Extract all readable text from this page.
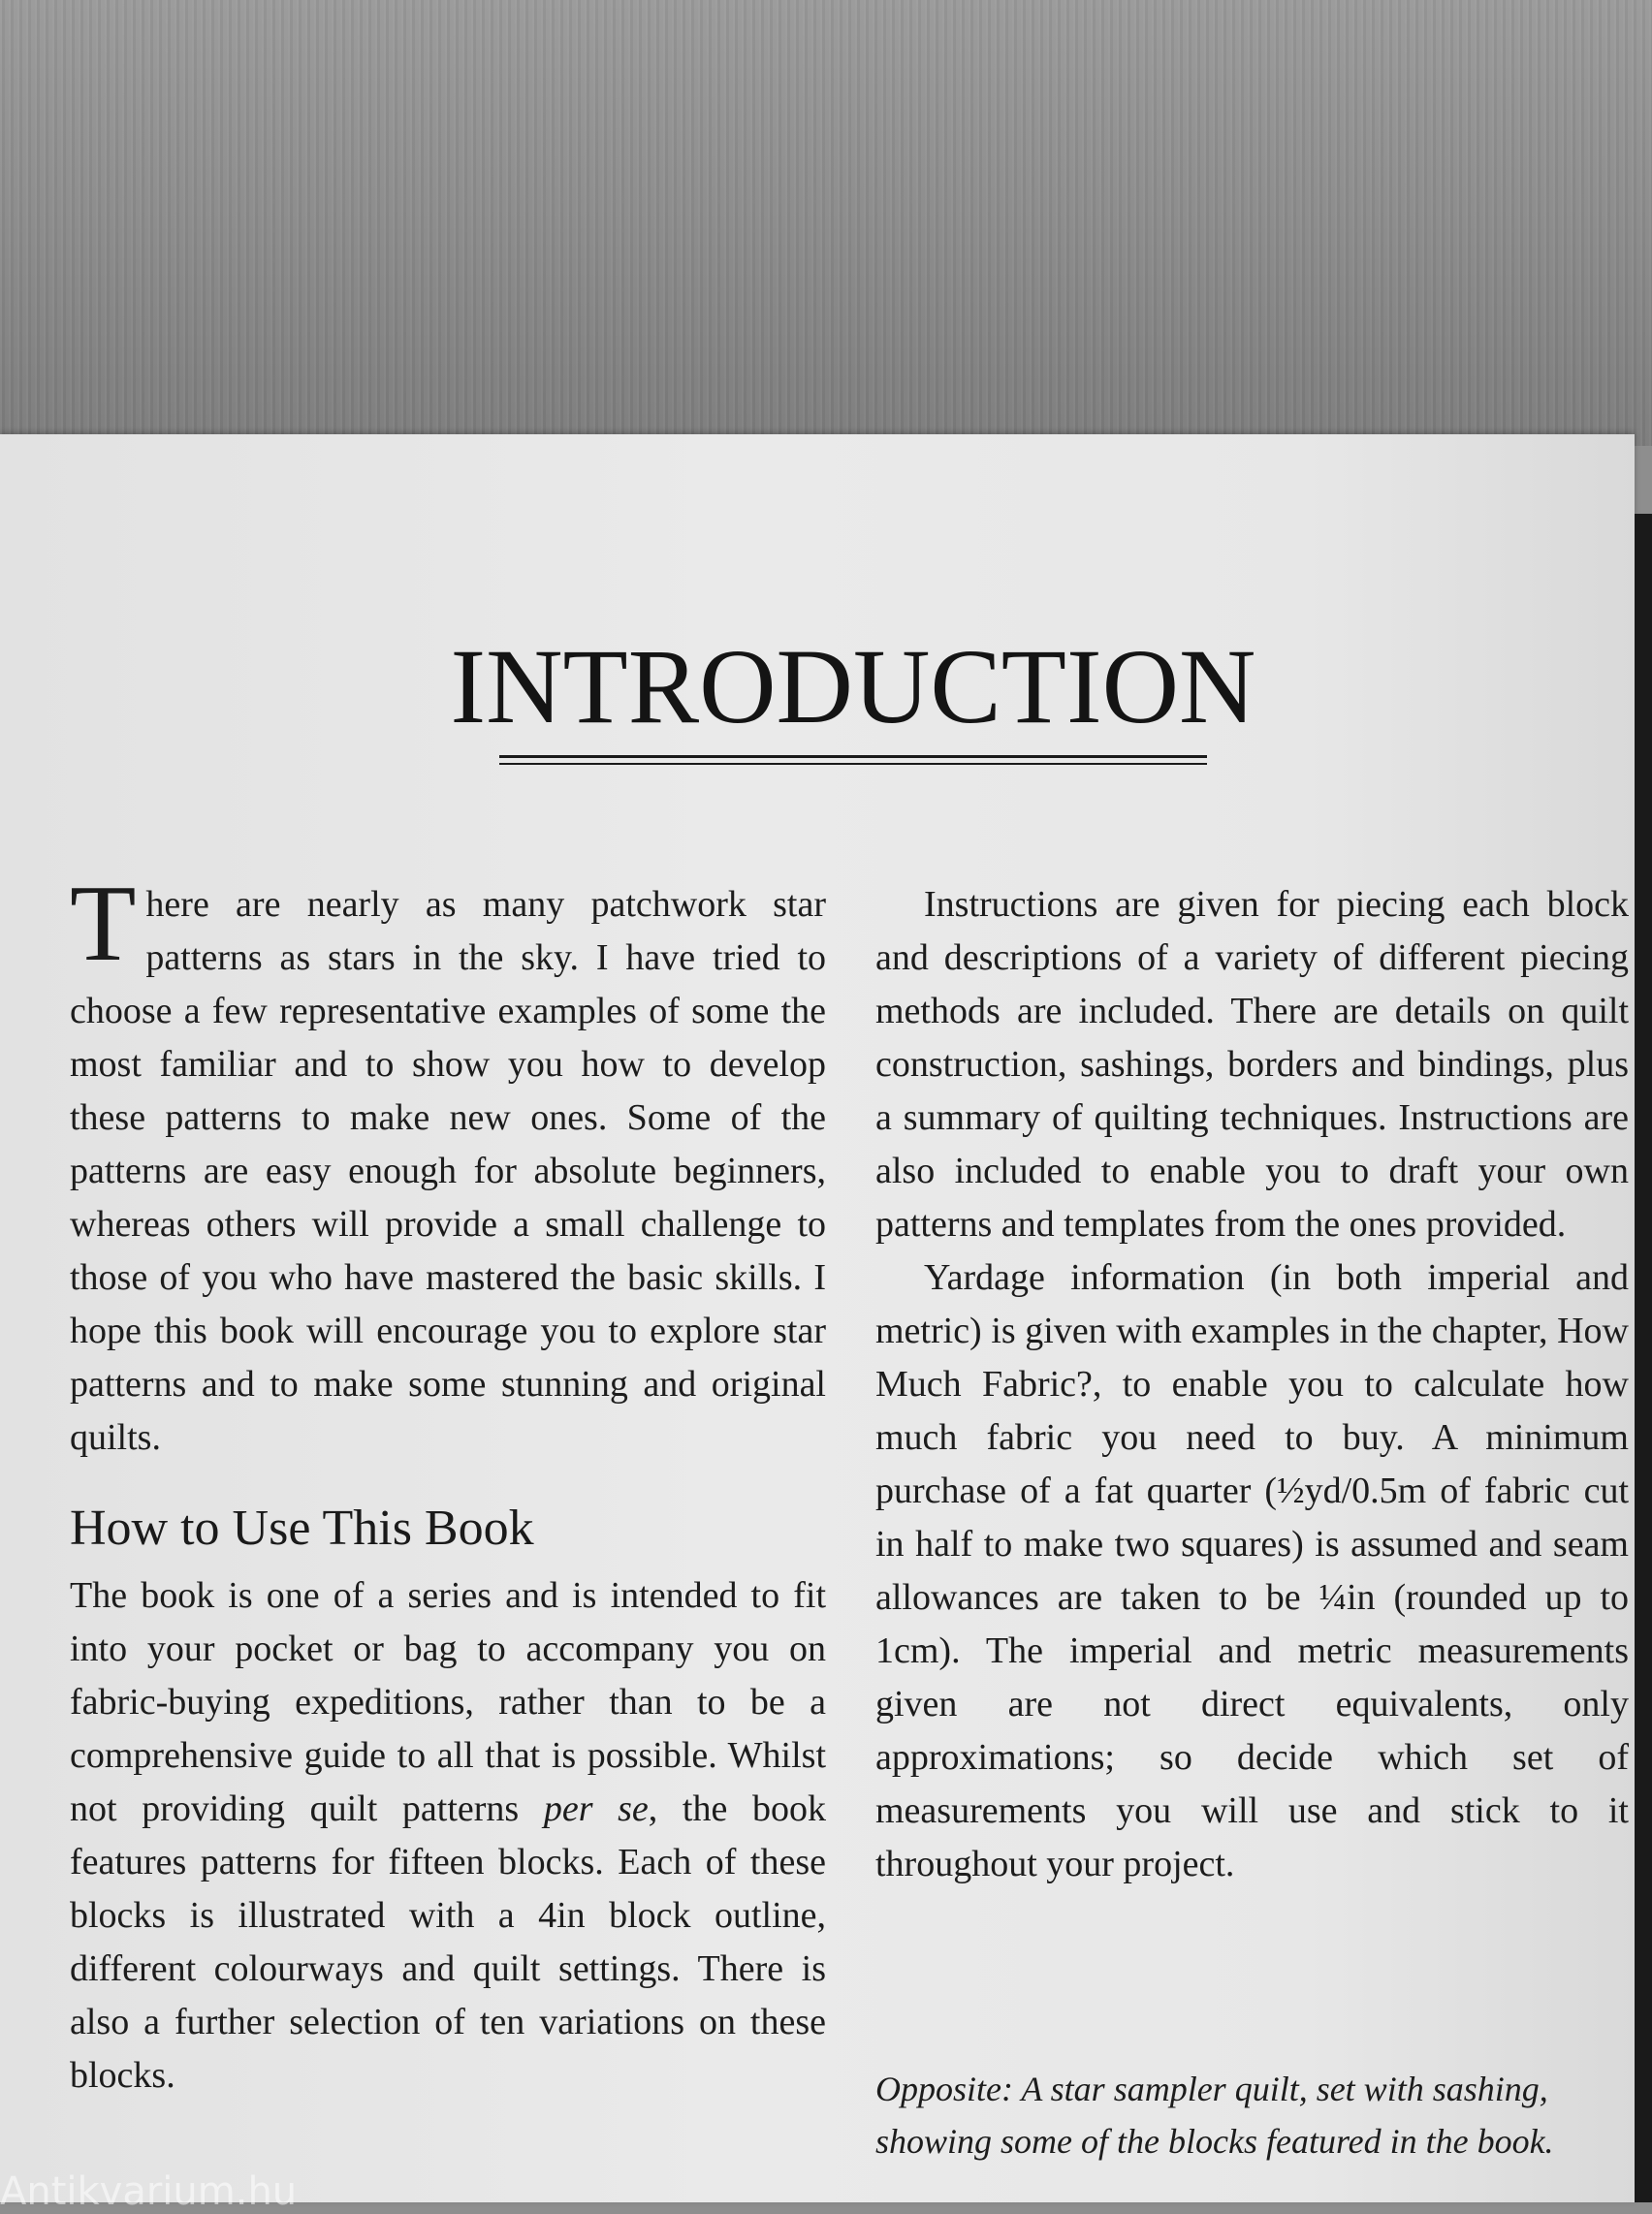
INTRODUCTION

There are nearly as many patchwork star patterns as stars in the sky. I have tried to choose a few representative examples of some the most familiar and to show you how to develop these patterns to make new ones. Some of the patterns are easy enough for absolute beginners, whereas others will provide a small challenge to those of you who have mastered the basic skills. I hope this book will encourage you to explore star patterns and to make some stunning and original quilts.

How to Use This Book

The book is one of a series and is intended to fit into your pocket or bag to accompany you on fabric-buying expeditions, rather than to be a comprehensive guide to all that is possible. Whilst not providing quilt patterns per se, the book features patterns for fifteen blocks. Each of these blocks is illustrated with a 4in block outline, different colourways and quilt settings. There is also a further selection of ten variations on these blocks.

Instructions are given for piecing each block and descriptions of a variety of different piecing methods are included. There are details on quilt construction, sashings, borders and bindings, plus a summary of quilting techniques. Instructions are also included to enable you to draft your own patterns and templates from the ones provided.

Yardage information (in both imperial and metric) is given with examples in the chapter, How Much Fabric?, to enable you to calculate how much fabric you need to buy. A minimum purchase of a fat quarter (½yd/0.5m of fabric cut in half to make two squares) is assumed and seam allowances are taken to be ¼in (rounded up to 1cm). The imperial and metric measurements given are not direct equivalents, only approximations; so decide which set of measurements you will use and stick to it throughout your project.

Opposite: A star sampler quilt, set with sashing, showing some of the blocks featured in the book.

Antikvarium.hu
